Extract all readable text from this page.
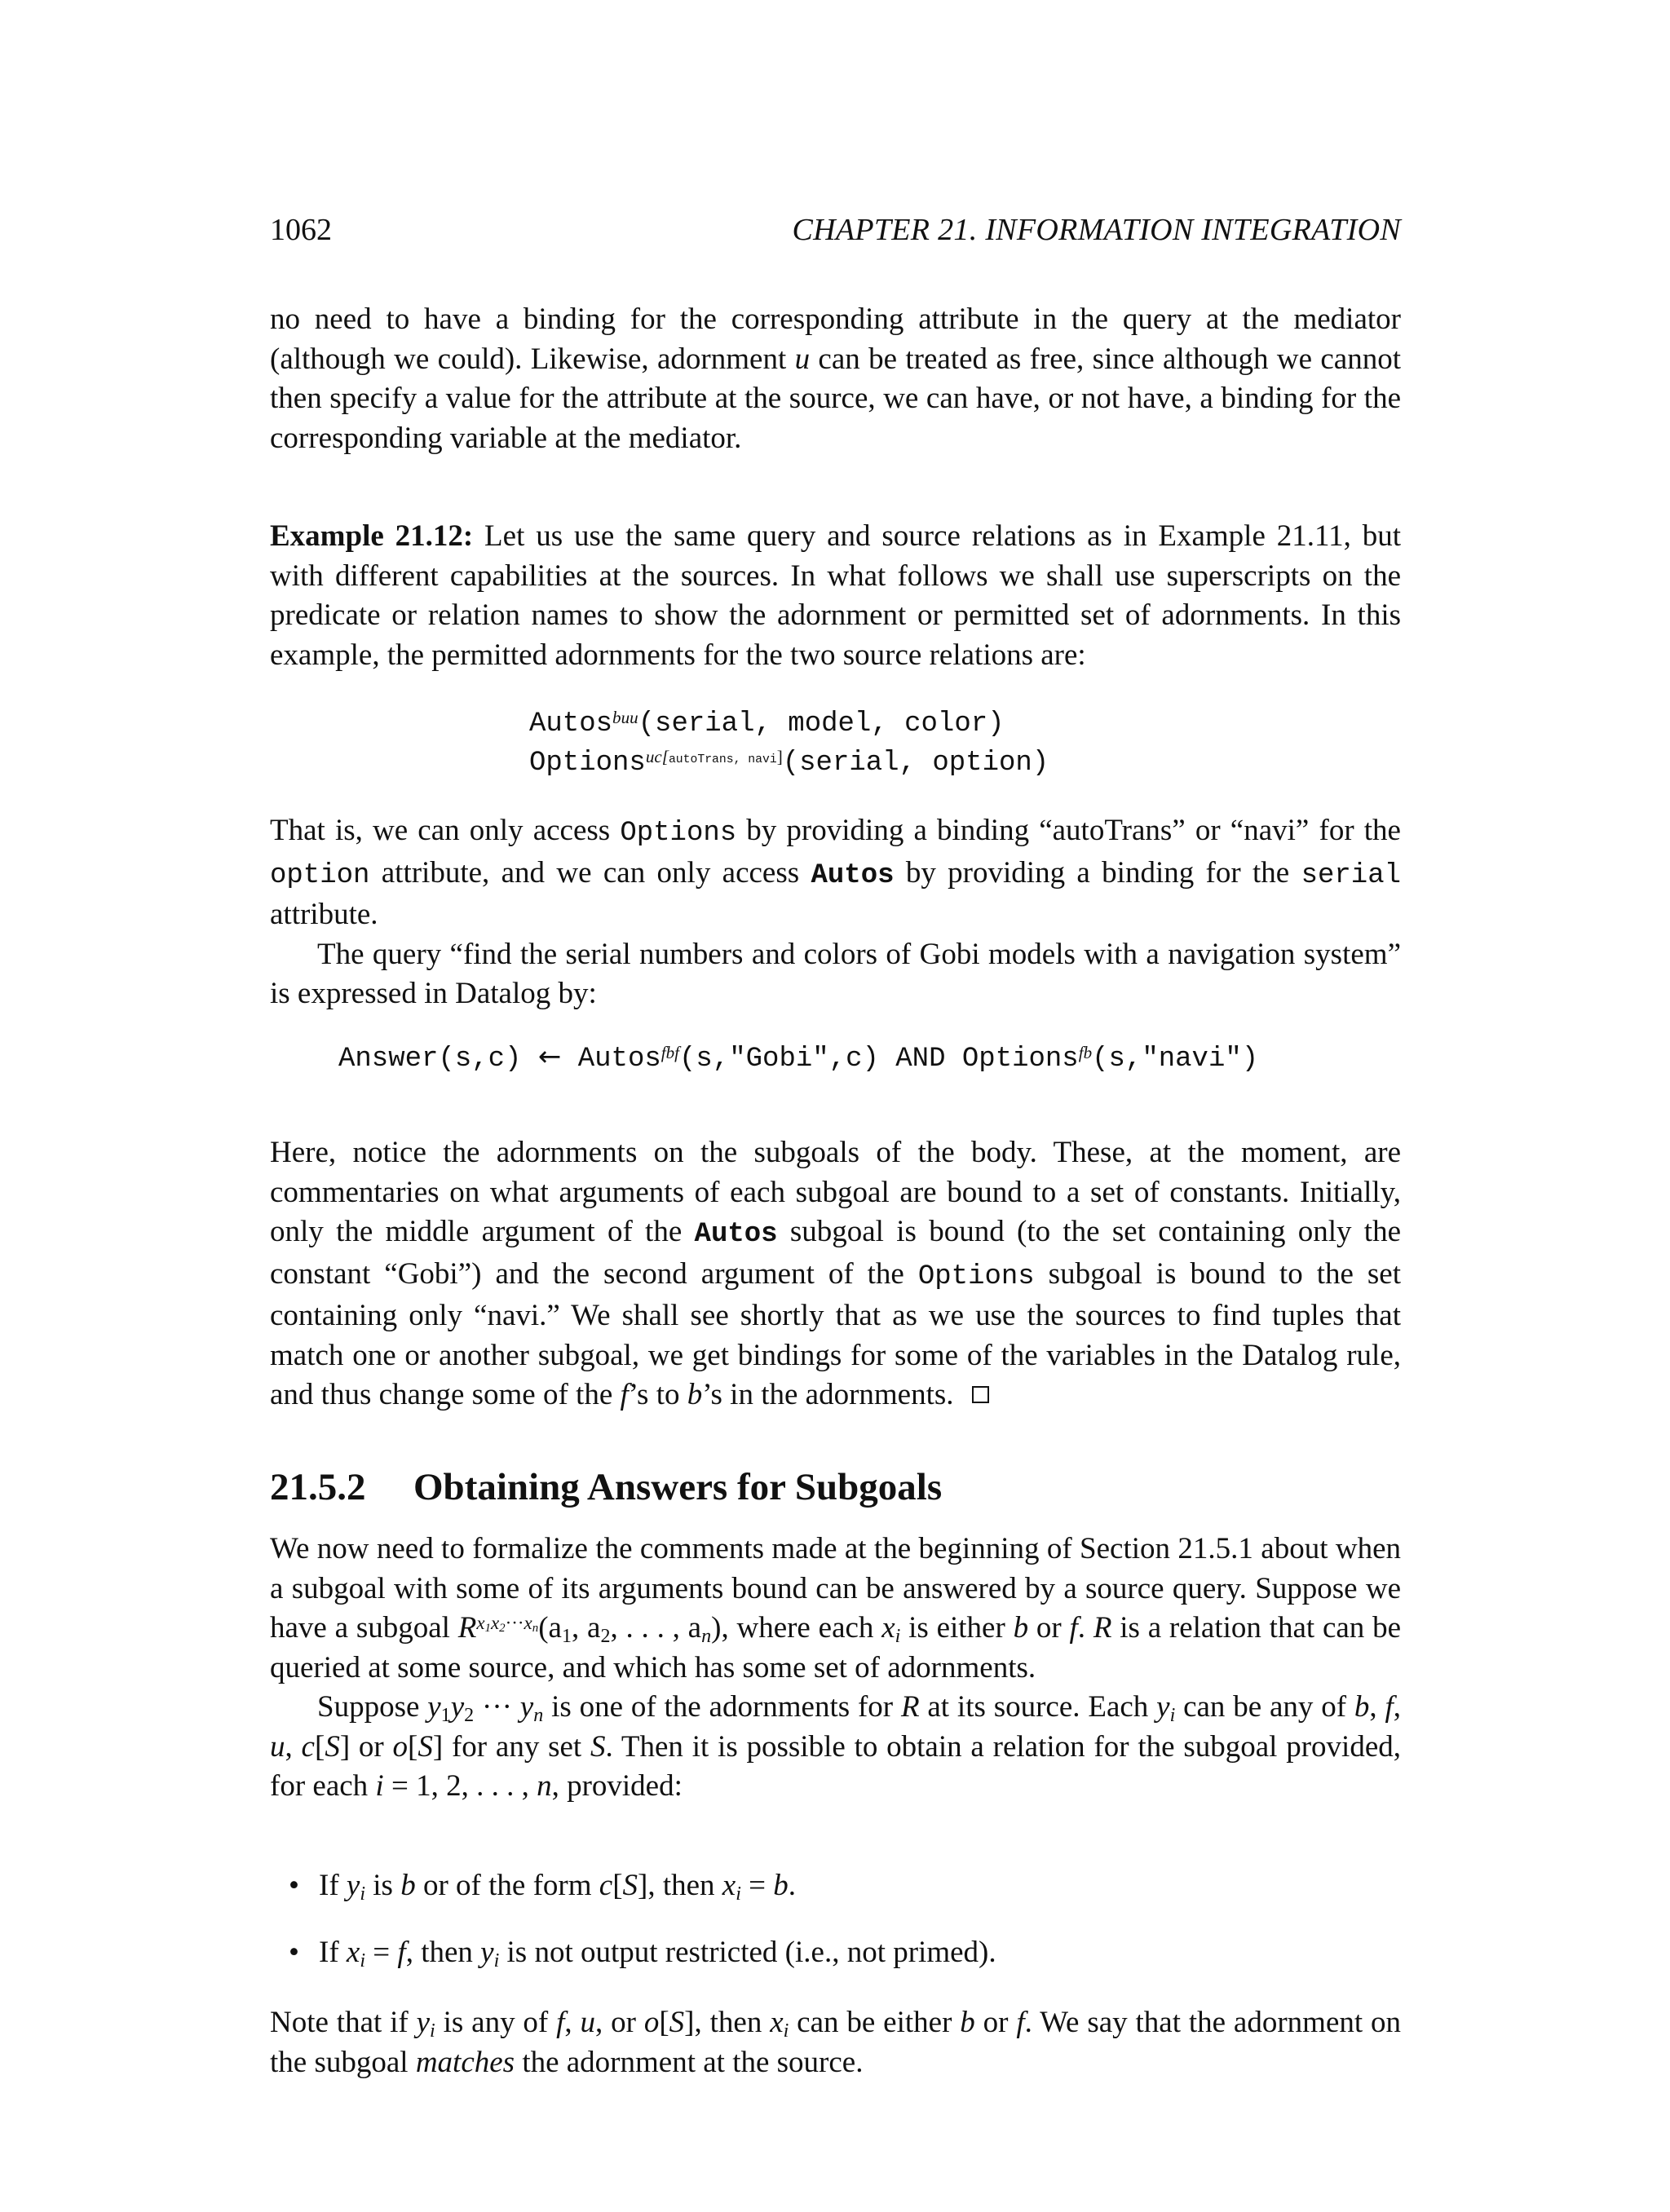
1062	CHAPTER 21. INFORMATION INTEGRATION

no need to have a binding for the corresponding attribute in the query at the mediator (although we could). Likewise, adornment u can be treated as free, since although we cannot then specify a value for the attribute at the source, we can have, or not have, a binding for the corresponding variable at the mediator.

Example 21.12: Let us use the same query and source relations as in Example 21.11, but with different capabilities at the sources. In what follows we shall use superscripts on the predicate or relation names to show the adornment or permitted set of adornments. In this example, the permitted adornments for the two source relations are:

Autos$^{buu}$(serial, model, color)
Options$^{uc[autoTrans, navi]}$(serial, option)

That is, we can only access Options by providing a binding “autoTrans” or “navi” for the option attribute, and we can only access Autos by providing a binding for the serial attribute.

The query “find the serial numbers and colors of Gobi models with a navigation system” is expressed in Datalog by:

Answer(s,c) ← Autos$^{fbf}$(s,"Gobi",c) AND Options$^{fb}$(s,"navi")

Here, notice the adornments on the subgoals of the body. These, at the moment, are commentaries on what arguments of each subgoal are bound to a set of constants. Initially, only the middle argument of the Autos subgoal is bound (to the set containing only the constant “Gobi”) and the second argument of the Options subgoal is bound to the set containing only “navi.” We shall see shortly that as we use the sources to find tuples that match one or another subgoal, we get bindings for some of the variables in the Datalog rule, and thus change some of the f’s to b’s in the adornments.

21.5.2 Obtaining Answers for Subgoals

We now need to formalize the comments made at the beginning of Section 21.5.1 about when a subgoal with some of its arguments bound can be answered by a source query. Suppose we have a subgoal $R^{x_1x_2\cdot\cdot\cdot x_n}(a_1$, $a_2$, . . . , $a_n$), where each $x_i$ is either b or f. R is a relation that can be queried at some source, and which has some set of adornments.

Suppose $y_1y_2$ ··· $y_n$ is one of the adornments for R at its source. Each $y_i$ can be any of b, f, u, c[S] or o[S] for any set S. Then it is possible to obtain a relation for the subgoal provided, for each i = 1, 2, . . . , n, provided:

• If $y_i$ is b or of the form c[S], then $x_i = b$.
• If $x_i = f$, then $y_i$ is not output restricted (i.e., not primed).

Note that if $y_i$ is any of f, u, or o[S], then $x_i$ can be either b or f. We say that the adornment on the subgoal matches the adornment at the source.
